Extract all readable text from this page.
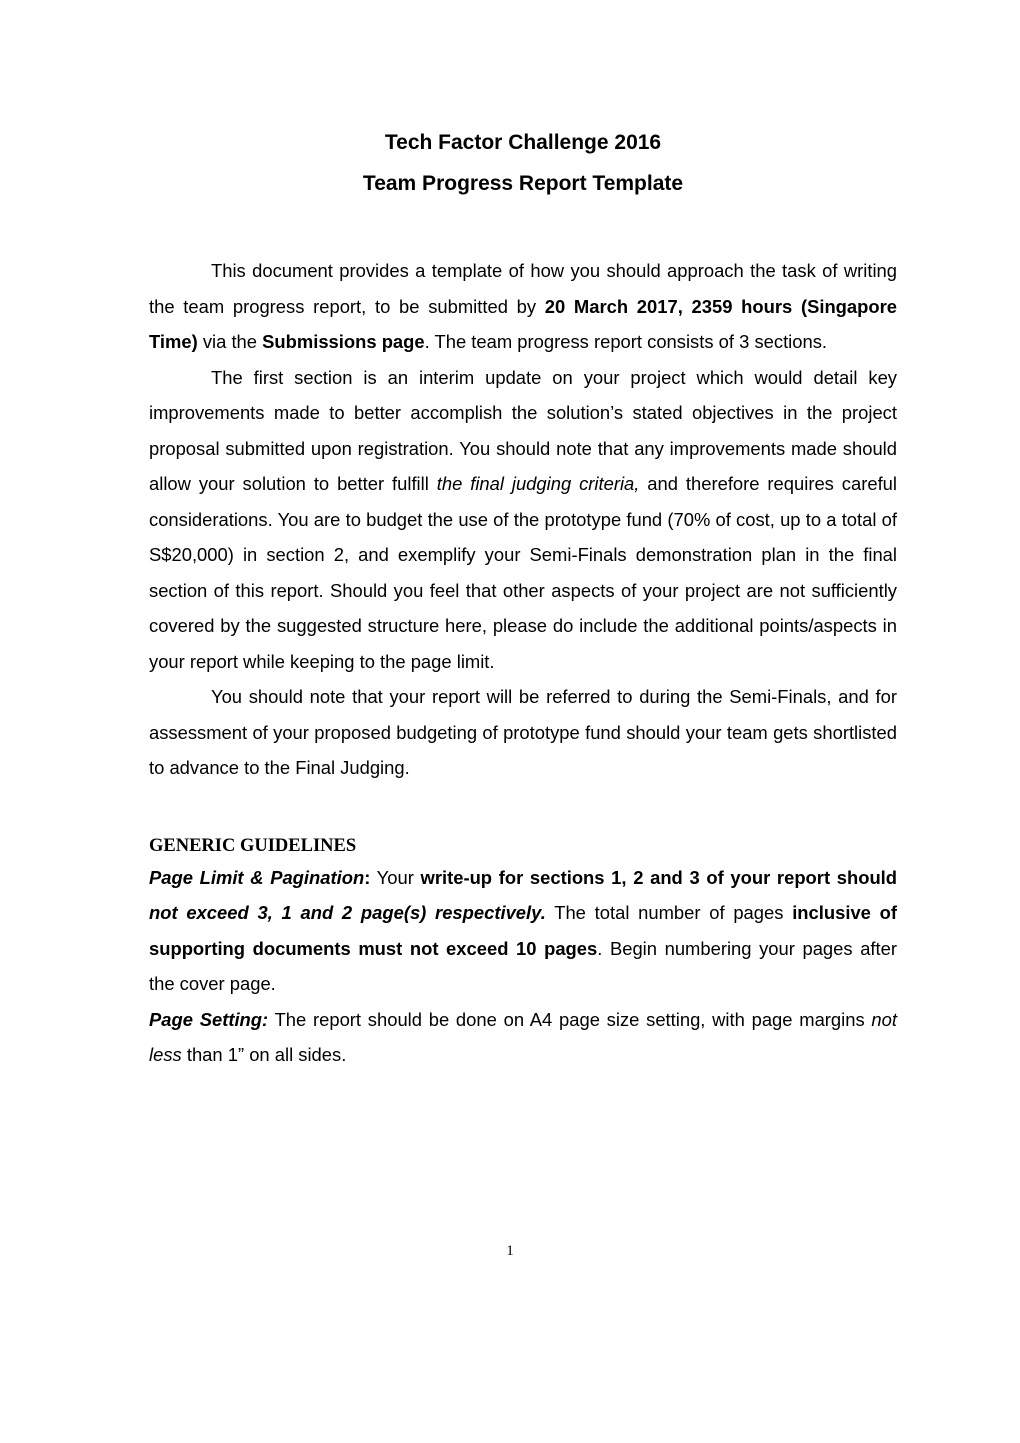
Tech Factor Challenge 2016
Team Progress Report Template

This document provides a template of how you should approach the task of writing the team progress report, to be submitted by 20 March 2017, 2359 hours (Singapore Time) via the Submissions page. The team progress report consists of 3 sections.

The first section is an interim update on your project which would detail key improvements made to better accomplish the solution’s stated objectives in the project proposal submitted upon registration. You should note that any improvements made should allow your solution to better fulfill the final judging criteria, and therefore requires careful considerations. You are to budget the use of the prototype fund (70% of cost, up to a total of S$20,000) in section 2, and exemplify your Semi-Finals demonstration plan in the final section of this report. Should you feel that other aspects of your project are not sufficiently covered by the suggested structure here, please do include the additional points/aspects in your report while keeping to the page limit.

You should note that your report will be referred to during the Semi-Finals, and for assessment of your proposed budgeting of prototype fund should your team gets shortlisted to advance to the Final Judging.

GENERIC GUIDELINES

Page Limit & Pagination: Your write-up for sections 1, 2 and 3 of your report should not exceed 3, 1 and 2 page(s) respectively. The total number of pages inclusive of supporting documents must not exceed 10 pages. Begin numbering your pages after the cover page.

Page Setting: The report should be done on A4 page size setting, with page margins not less than 1” on all sides.

1
